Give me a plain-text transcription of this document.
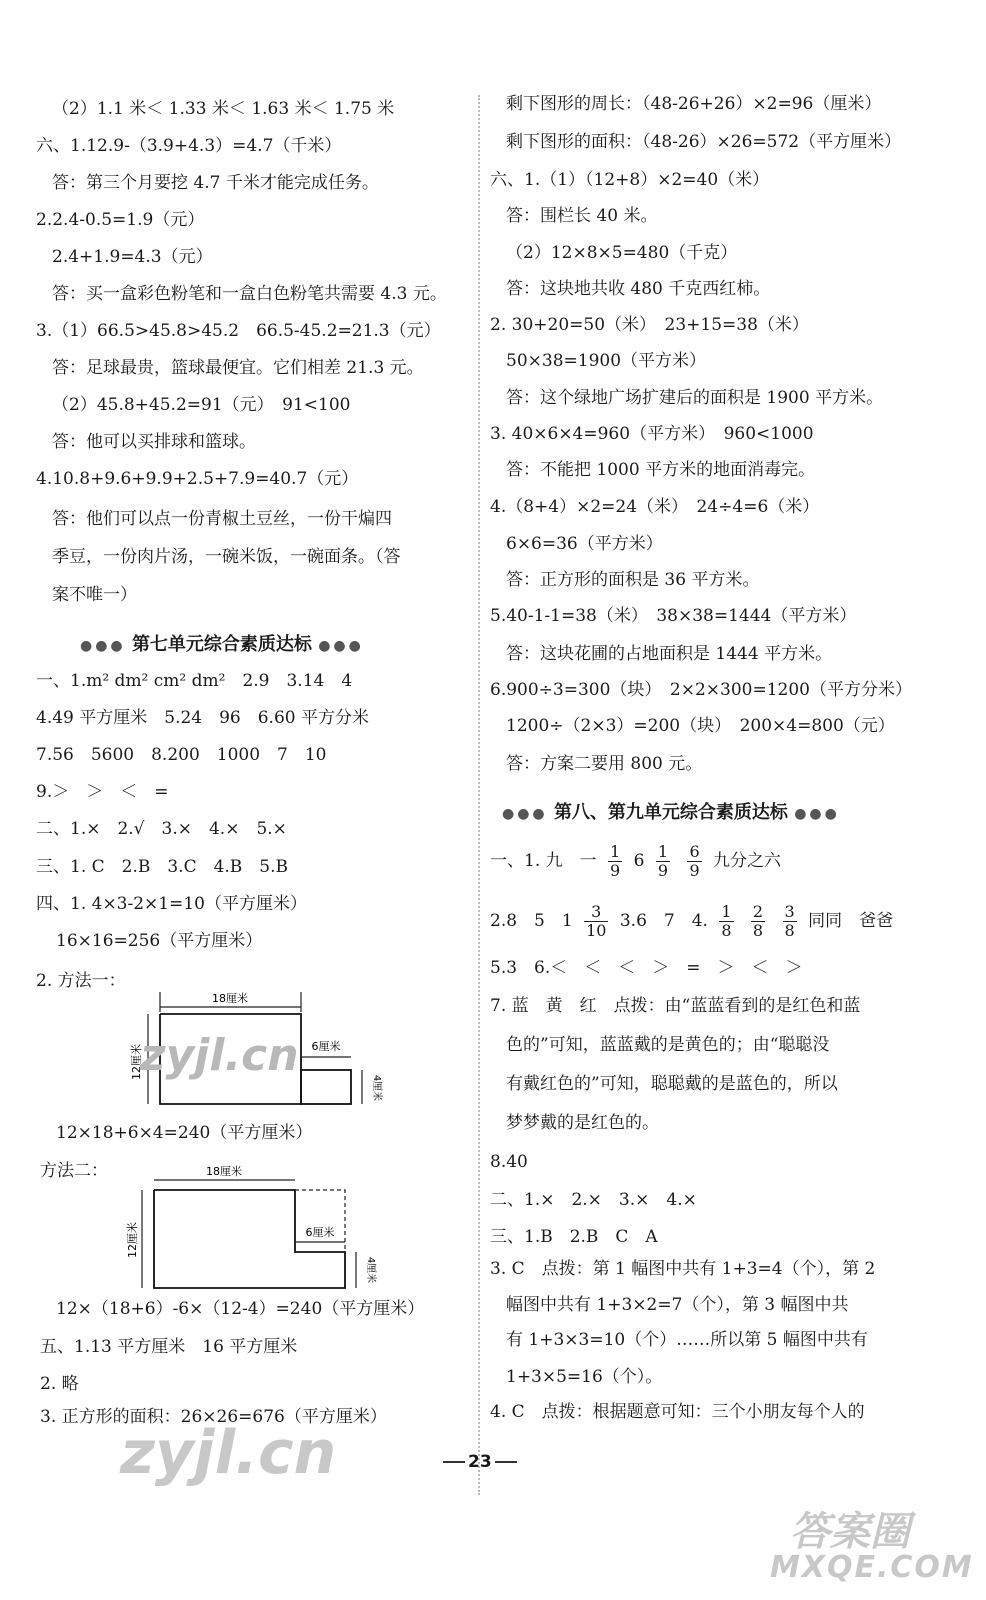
（2）1.1 米＜ 1.33 米＜ 1.63 米＜ 1.75 米
六、1.12.9-（3.9+4.3）=4.7（千米）
答：第三个月要挖 4.7 千米才能完成任务。
2.2.4-0.5=1.9（元）
2.4+1.9=4.3（元）
答：买一盒彩色粉笔和一盒白色粉笔共需要 4.3 元。
3.（1）66.5>45.8>45.2　66.5-45.2=21.3（元）
答：足球最贵，篮球最便宜。它们相差 21.3 元。
（2）45.8+45.2=91（元）　91<100
答：他可以买排球和篮球。
4.10.8+9.6+9.9+2.5+7.9=40.7（元）
答：他们可以点一份青椒土豆丝，一份干煸四
季豆，一份肉片汤，一碗米饭，一碗面条。（答
案不唯一）
●●● 第七单元综合素质达标 ●●●
一、1.m² dm² cm² dm²　2.9　3.14　4
4.49 平方厘米　5.24　96　6.60 平方分米
7.56　5600　8.200　1000　7　10
9.＞　＞　＜　=
二、1.×　2.√　3.×　4.×　5.×
三、1. C　2.B　3.C　4.B　5.B
四、1. 4×3-2×1=10（平方厘米）
16×16=256（平方厘米）
2. 方法一：
18厘米
12厘米	6厘米
4厘米
zyjl.cn
12×18+6×4=240（平方厘米）
方法二：	18厘米
12厘米	6厘米
4厘米
12×（18+6）-6×（12-4）=240（平方厘米）
五、1.13 平方厘米　16 平方厘米
2. 略
3. 正方形的面积：26×26=676（平方厘米）
zyjl.cn
剩下图形的周长：（48-26+26）×2=96（厘米）
剩下图形的面积：（48-26）×26=572（平方厘米）
六、1.（1）（12+8）×2=40（米）
答：围栏长 40 米。
（2）12×8×5=480（千克）
答：这块地共收 480 千克西红柿。
2. 30+20=50（米）　23+15=38（米）
50×38=1900（平方米）
答：这个绿地广场扩建后的面积是 1900 平方米。
3. 40×6×4=960（平方米）　960<1000
答：不能把 1000 平方米的地面消毒完。
4.（8+4）×2=24（米）　24÷4=6（米）
6×6=36（平方米）
答：正方形的面积是 36 平方米。
5.40-1-1=38（米）　38×38=1444（平方米）
答：这块花圃的占地面积是 1444 平方米。
6.900÷3=300（块）　2×2×300=1200（平方分米）
1200÷（2×3）=200（块）　200×4=800（元）
答：方案二要用 800 元。
●●● 第八、第九单元综合素质达标 ●●●
一、1. 九　一 $\frac{1}{9} 6 \frac{1}{9}$
$\frac{6}{9}$ 九分之六
2.8　5　$1 \frac{3}{10} 3.6$　7　4. $\frac{1}{8}$
$\frac{2}{8}$
$\frac{3}{8}$ 同同　爸爸
5.3　6.＜　＜　＜　＞　=　＞　＜　＞
7. 蓝　黄　红　点拨：由“蓝蓝看到的是红色和蓝
色的”可知，蓝蓝戴的是黄色的；由“聪聪没
有戴红色的”可知，聪聪戴的是蓝色的，所以
梦梦戴的是红色的。
8.40
二、1.×　2.×　3.×　4.×
三、1.B　2.B　C　A
3. C　点拨：第 1 幅图中共有 1+3=4（个），第 2
幅图中共有 1+3×2=7（个），第 3 幅图中共
有 1+3×3=10（个）……所以第 5 幅图中共有
1+3×5=16（个）。
4. C　点拨：根据题意可知：三个小朋友每个人的
23
答案圈
MXQE.COM
